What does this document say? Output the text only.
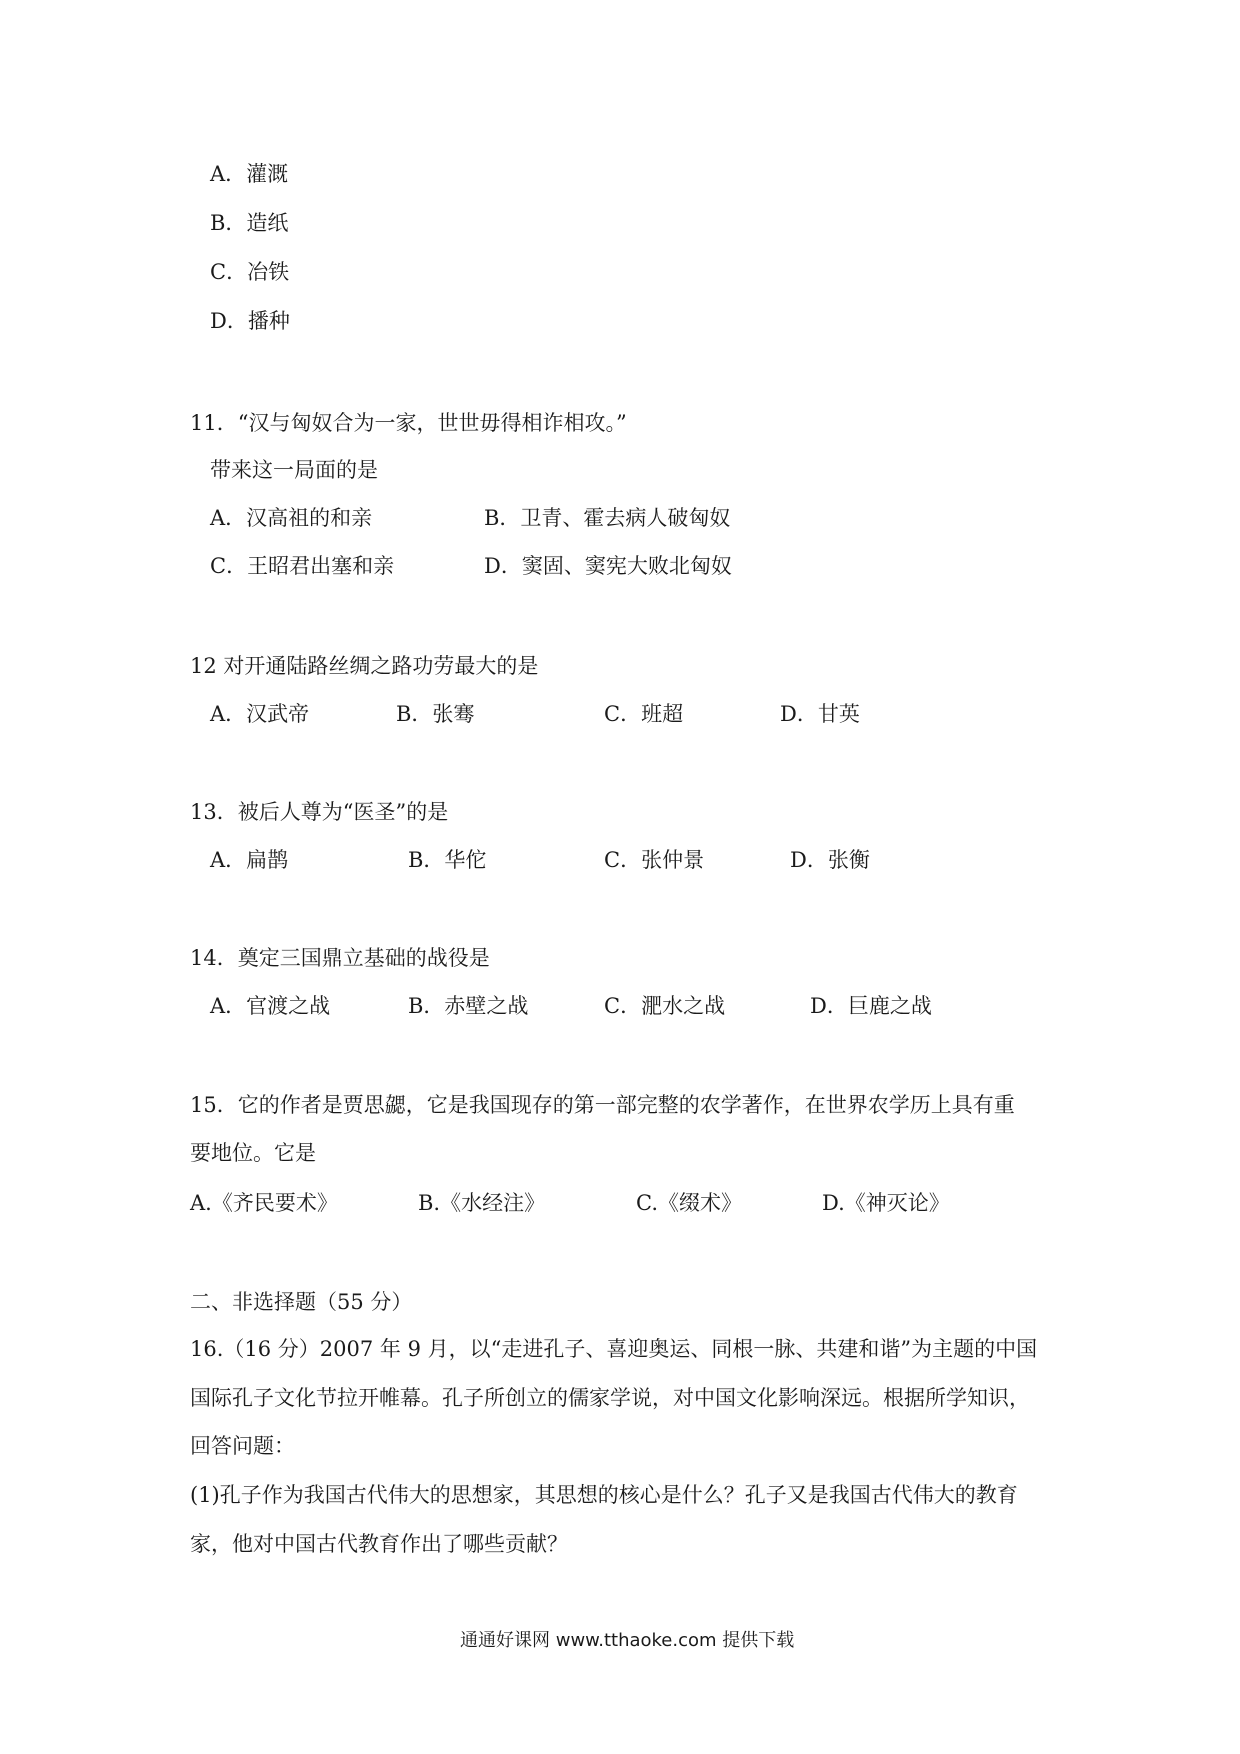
A．灌溉
B．造纸
C．冶铁
D．播种
11．“汉与匈奴合为一家，世世毋得相诈相攻。”
带来这一局面的是
A．汉高祖的和亲	B．卫青、霍去病人破匈奴
C．王昭君出塞和亲	D．窦固、窦宪大败北匈奴
12 对开通陆路丝绸之路功劳最大的是
A．汉武帝	B．张骞	C．班超	D．甘英
13．被后人尊为“医圣”的是
A．扁鹊	B．华佗	C．张仲景	D．张衡
14．奠定三国鼎立基础的战役是
A．官渡之战	B．赤壁之战	C．淝水之战	D．巨鹿之战
15．它的作者是贾思勰，它是我国现存的第一部完整的农学著作，在世界农学历上具有重
要地位。它是
A.《齐民要术》	B.《水经注》	C.《缀术》	D.《神灭论》
二、非选择题（55 分）
16.（16 分）2007 年 9 月，以“走进孔子、喜迎奥运、同根一脉、共建和谐”为主题的中国
国际孔子文化节拉开帷幕。孔子所创立的儒家学说，对中国文化影响深远。根据所学知识，
回答问题：
(1)孔子作为我国古代伟大的思想家，其思想的核心是什么？孔子又是我国古代伟大的教育
家，他对中国古代教育作出了哪些贡献？
通通好课网 www.tthaoke.com 提供下载
